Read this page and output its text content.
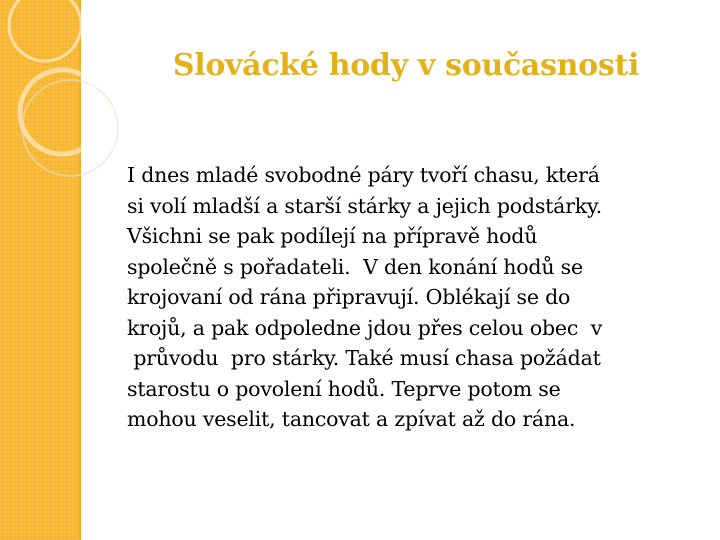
Slovácké hody v současnosti
I dnes mladé svobodné páry tvoří chasu, která
si volí mladší a starší stárky a jejich podstárky.
Všichni se pak podílejí na přípravě hodů
společně s pořadateli.  V den konání hodů se
krojovaní od rána připravují. Oblékají se do
krojů, a pak odpoledne jdou přes celou obec  v
průvodu  pro stárky. Také musí chasa požádat
starostu o povolení hodů. Teprve potom se
mohou veselit, tancovat a zpívat až do rána.
